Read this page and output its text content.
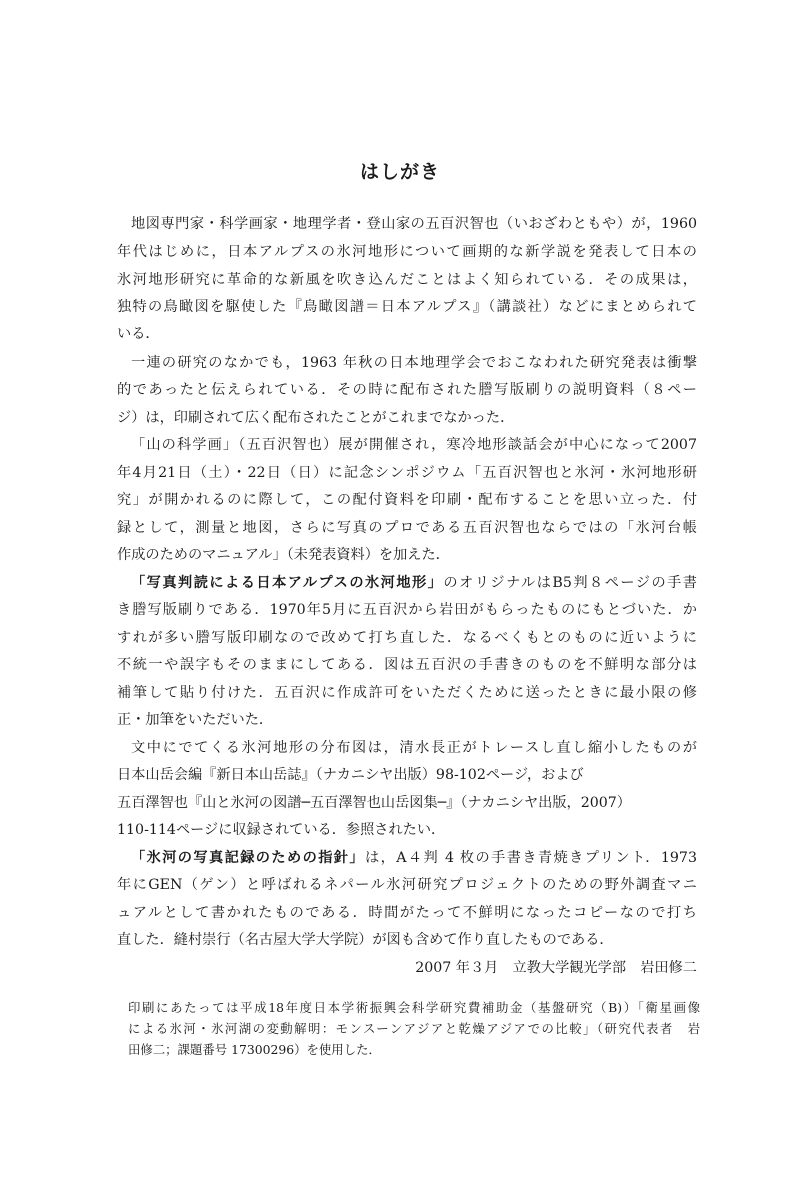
はしがき
地図専門家・科学画家・地理学者・登山家の五百沢智也（いおざわともや）が，1960
年代はじめに，日本アルプスの氷河地形について画期的な新学説を発表して日本の
氷河地形研究に革命的な新風を吹き込んだことはよく知られている．その成果は，
独特の鳥瞰図を駆使した『鳥瞰図譜＝日本アルプス』（講談社）などにまとめられて
いる．
一連の研究のなかでも，1963 年秋の日本地理学会でおこなわれた研究発表は衝撃
的であったと伝えられている．その時に配布された謄写版刷りの説明資料（８ペー
ジ）は，印刷されて広く配布されたことがこれまでなかった．
「山の科学画」（五百沢智也）展が開催され，寒冷地形談話会が中心になって2007
年4月21日（土）・22日（日）に記念シンポジウム「五百沢智也と氷河・氷河地形研
究」が開かれるのに際して，この配付資料を印刷・配布することを思い立った．付
録として，測量と地図，さらに写真のプロである五百沢智也ならではの「氷河台帳
作成のためのマニュアル」（未発表資料）を加えた．
「写真判読による日本アルプスの氷河地形」のオリジナルはB5判８ページの手書
き謄写版刷りである．1970年5月に五百沢から岩田がもらったものにもとづいた．か
すれが多い謄写版印刷なので改めて打ち直した．なるべくもとのものに近いように
不統一や誤字もそのままにしてある．図は五百沢の手書きのものを不鮮明な部分は
補筆して貼り付けた．五百沢に作成許可をいただくために送ったときに最小限の修
正・加筆をいただいた．
文中にでてくる氷河地形の分布図は，清水長正がトレースし直し縮小したものが
日本山岳会編『新日本山岳誌』（ナカニシヤ出版）98-102ページ，および
五百澤智也『山と氷河の図譜─五百澤智也山岳図集─』（ナカニシヤ出版，2007）
110-114ページに収録されている．参照されたい．
「氷河の写真記録のための指針」は，A４判 4 枚の手書き青焼きプリント．1973
年にGEN（ゲン）と呼ばれるネパール氷河研究プロジェクトのための野外調査マニ
ュアルとして書かれたものである．時間がたって不鮮明になったコピーなので打ち
直した．縫村崇行（名古屋大学大学院）が図も含めて作り直したものである．
2007 年３月　立教大学観光学部　岩田修二
印刷にあたっては平成18年度日本学術振興会科学研究費補助金（基盤研究（B)）「衛星画像
による氷河・氷河湖の変動解明：モンスーンアジアと乾燥アジアでの比較」（研究代表者　岩
田修二；課題番号 17300296）を使用した．
